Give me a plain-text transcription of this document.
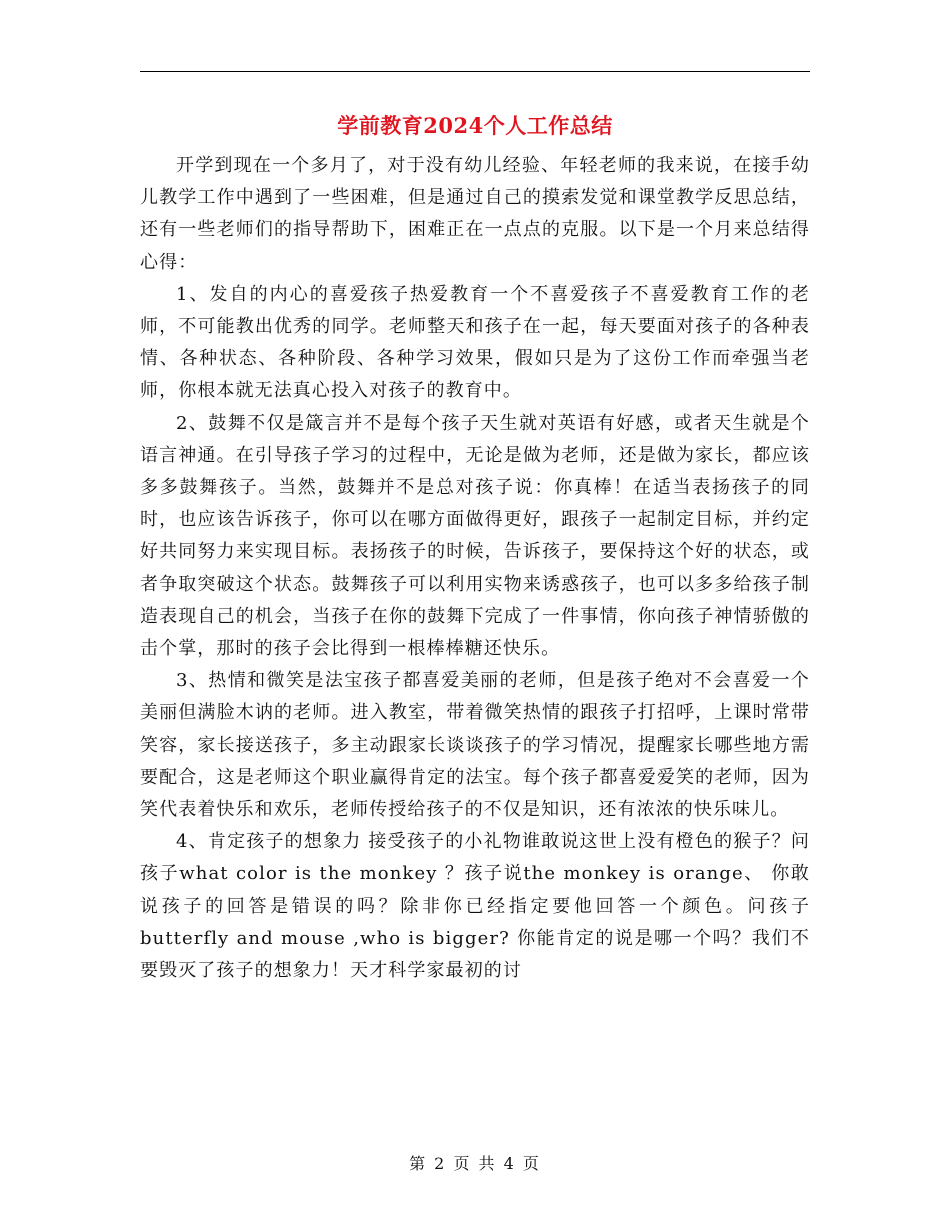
学前教育2024个人工作总结

开学到现在一个多月了，对于没有幼儿经验、年轻老师的我来说，在接手幼儿教学工作中遇到了一些困难，但是通过自己的摸索发觉和课堂教学反思总结，还有一些老师们的指导帮助下，困难正在一点点的克服。以下是一个月来总结得心得：

1、发自的内心的喜爱孩子热爱教育一个不喜爱孩子不喜爱教育工作的老师，不可能教出优秀的同学。老师整天和孩子在一起，每天要面对孩子的各种表情、各种状态、各种阶段、各种学习效果，假如只是为了这份工作而牵强当老师，你根本就无法真心投入对孩子的教育中。

2、鼓舞不仅是箴言并不是每个孩子天生就对英语有好感，或者天生就是个语言神通。在引导孩子学习的过程中，无论是做为老师，还是做为家长，都应该多多鼓舞孩子。当然，鼓舞并不是总对孩子说：你真棒！在适当表扬孩子的同时，也应该告诉孩子，你可以在哪方面做得更好，跟孩子一起制定目标，并约定好共同努力来实现目标。表扬孩子的时候，告诉孩子，要保持这个好的状态，或者争取突破这个状态。鼓舞孩子可以利用实物来诱惑孩子，也可以多多给孩子制造表现自己的机会，当孩子在你的鼓舞下完成了一件事情，你向孩子神情骄傲的击个掌，那时的孩子会比得到一根棒棒糖还快乐。

3、热情和微笑是法宝孩子都喜爱美丽的老师，但是孩子绝对不会喜爱一个美丽但满脸木讷的老师。进入教室，带着微笑热情的跟孩子打招呼，上课时常带笑容，家长接送孩子，多主动跟家长谈谈孩子的学习情况，提醒家长哪些地方需要配合，这是老师这个职业赢得肯定的法宝。每个孩子都喜爱爱笑的老师，因为笑代表着快乐和欢乐，老师传授给孩子的不仅是知识，还有浓浓的快乐味儿。

4、肯定孩子的想象力 接受孩子的小礼物谁敢说这世上没有橙色的猴子？问孩子what color is the monkey ？孩子说the monkey is orange、 你敢说孩子的回答是错误的吗？除非你已经指定要他回答一个颜色。问孩子butterfly and mouse ,who is bigger? 你能肯定的说是哪一个吗？我们不要毁灭了孩子的想象力！天才科学家最初的讨

第 2 页 共 4 页
